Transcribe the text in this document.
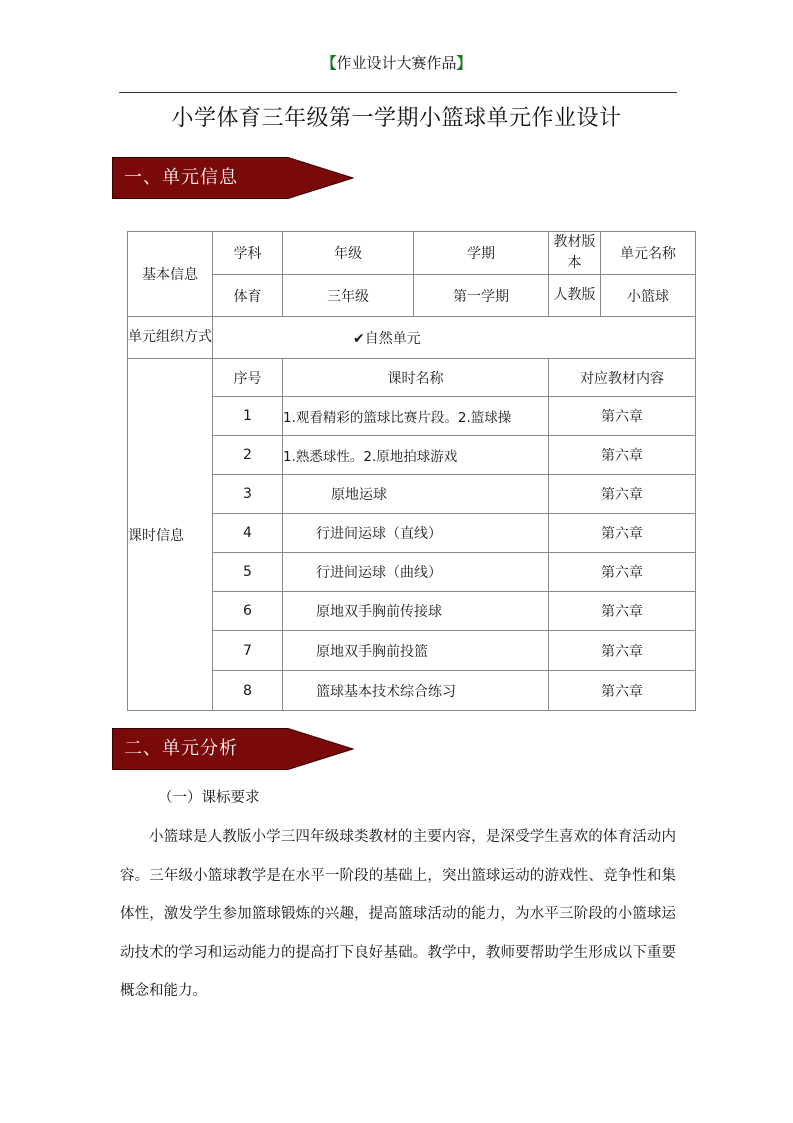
【作业设计大赛作品】
小学体育三年级第一学期小篮球单元作业设计
一、单元信息
基本信息	学科	年级	学期	教材版本	单元名称
	体育	三年级	第一学期	人教版	小篮球
单元组织方式	✔自然单元				
课时信息	序号	课时名称		对应教材内容	
	1	1.观看精彩的篮球比赛片段。2.篮球操		第六章	
	2	1.熟悉球性。2.原地拍球游戏		第六章	
	3	原地运球		第六章	
	4	行进间运球（直线）		第六章	
	5	行进间运球（曲线）		第六章	
	6	原地双手胸前传接球		第六章	
	7	原地双手胸前投篮		第六章	
	8	篮球基本技术综合练习		第六章	
二、单元分析
（一）课标要求
小篮球是人教版小学三四年级球类教材的主要内容，是深受学生喜欢的体育活动内容。三年级小篮球教学是在水平一阶段的基础上，突出篮球运动的游戏性、竞争性和集体性，激发学生参加篮球锻炼的兴趣，提高篮球活动的能力，为水平三阶段的小篮球运动技术的学习和运动能力的提高打下良好基础。教学中，教师要帮助学生形成以下重要概念和能力。
